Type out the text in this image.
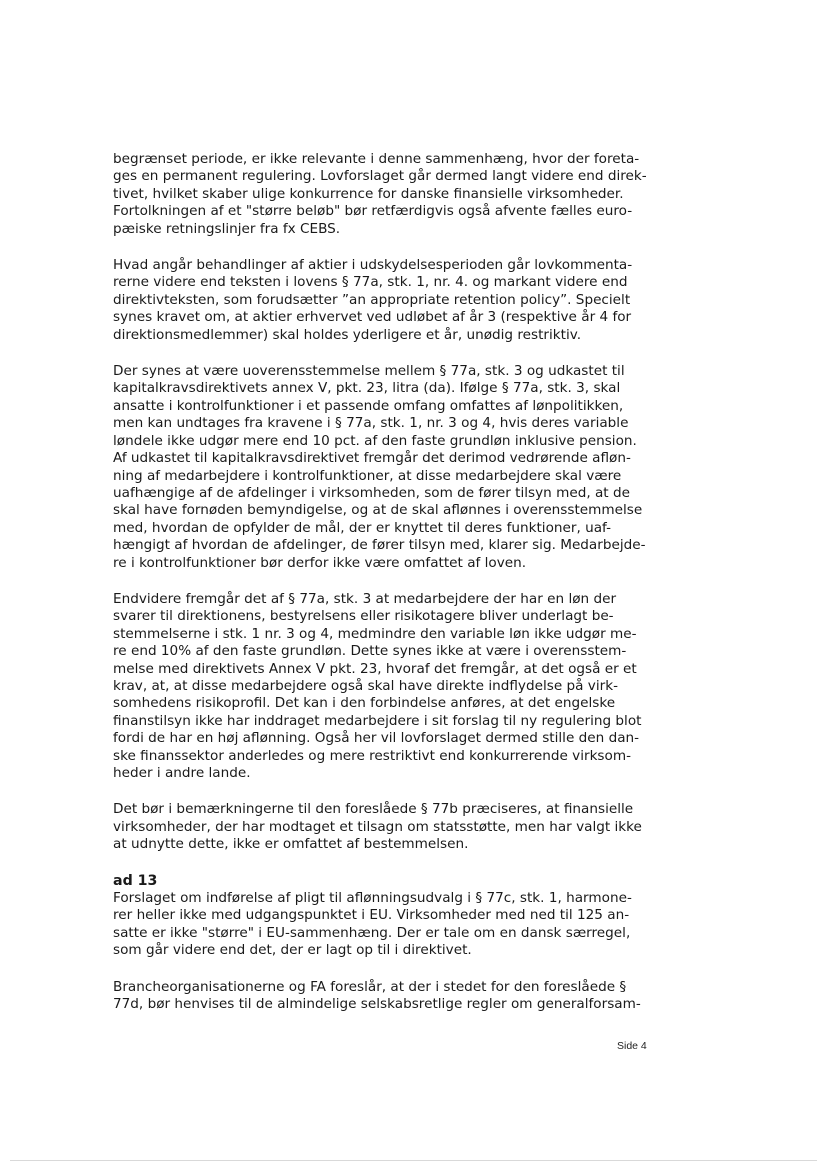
begrænset periode, er ikke relevante i denne sammenhæng, hvor der foreta-
ges en permanent regulering. Lovforslaget går dermed langt videre end direk-
tivet, hvilket skaber ulige konkurrence for danske finansielle virksomheder.
Fortolkningen af et "større beløb" bør retfærdigvis også afvente fælles euro-
pæiske retningslinjer fra fx CEBS.
Hvad angår behandlinger af aktier i udskydelsesperioden går lovkommenta-
rerne videre end teksten i lovens § 77a, stk. 1, nr. 4. og markant videre end
direktivteksten, som forudsætter ”an appropriate retention policy”. Specielt
synes kravet om, at aktier erhvervet ved udløbet af år 3 (respektive år 4 for
direktionsmedlemmer) skal holdes yderligere et år, unødig restriktiv.
Der synes at være uoverensstemmelse mellem § 77a, stk. 3 og udkastet til
kapitalkravsdirektivets annex V, pkt. 23, litra (da). Ifølge § 77a, stk. 3, skal
ansatte i kontrolfunktioner i et passende omfang omfattes af lønpolitikken,
men kan undtages fra kravene i § 77a, stk. 1, nr. 3 og 4, hvis deres variable
løndele ikke udgør mere end 10 pct. af den faste grundløn inklusive pension.
Af udkastet til kapitalkravsdirektivet fremgår det derimod vedrørende afløn-
ning af medarbejdere i kontrolfunktioner, at disse medarbejdere skal være
uafhængige af de afdelinger i virksomheden, som de fører tilsyn med, at de
skal have fornøden bemyndigelse, og at de skal aflønnes i overensstemmelse
med, hvordan de opfylder de mål, der er knyttet til deres funktioner, uaf-
hængigt af hvordan de afdelinger, de fører tilsyn med, klarer sig. Medarbejde-
re i kontrolfunktioner bør derfor ikke være omfattet af loven.
Endvidere fremgår det af § 77a, stk. 3 at medarbejdere der har en løn der
svarer til direktionens, bestyrelsens eller risikotagere bliver underlagt be-
stemmelserne i stk. 1 nr. 3 og 4, medmindre den variable løn ikke udgør me-
re end 10% af den faste grundløn. Dette synes ikke at være i overensstem-
melse med direktivets Annex V pkt. 23, hvoraf det fremgår, at det også er et
krav, at, at disse medarbejdere også skal have direkte indflydelse på virk-
somhedens risikoprofil. Det kan i den forbindelse anføres, at det engelske
finanstilsyn ikke har inddraget medarbejdere i sit forslag til ny regulering blot
fordi de har en høj aflønning. Også her vil lovforslaget dermed stille den dan-
ske finanssektor anderledes og mere restriktivt end konkurrerende virksom-
heder i andre lande.
Det bør i bemærkningerne til den foreslåede § 77b præciseres, at finansielle
virksomheder, der har modtaget et tilsagn om statsstøtte, men har valgt ikke
at udnytte dette, ikke er omfattet af bestemmelsen.
ad 13
Forslaget om indførelse af pligt til aflønningsudvalg i § 77c, stk. 1, harmone-
rer heller ikke med udgangspunktet i EU. Virksomheder med ned til 125 an-
satte er ikke "større" i EU-sammenhæng. Der er tale om en dansk særregel,
som går videre end det, der er lagt op til i direktivet.
Brancheorganisationerne og FA foreslår, at der i stedet for den foreslåede §
77d, bør henvises til de almindelige selskabsretlige regler om generalforsam-
Side 4
